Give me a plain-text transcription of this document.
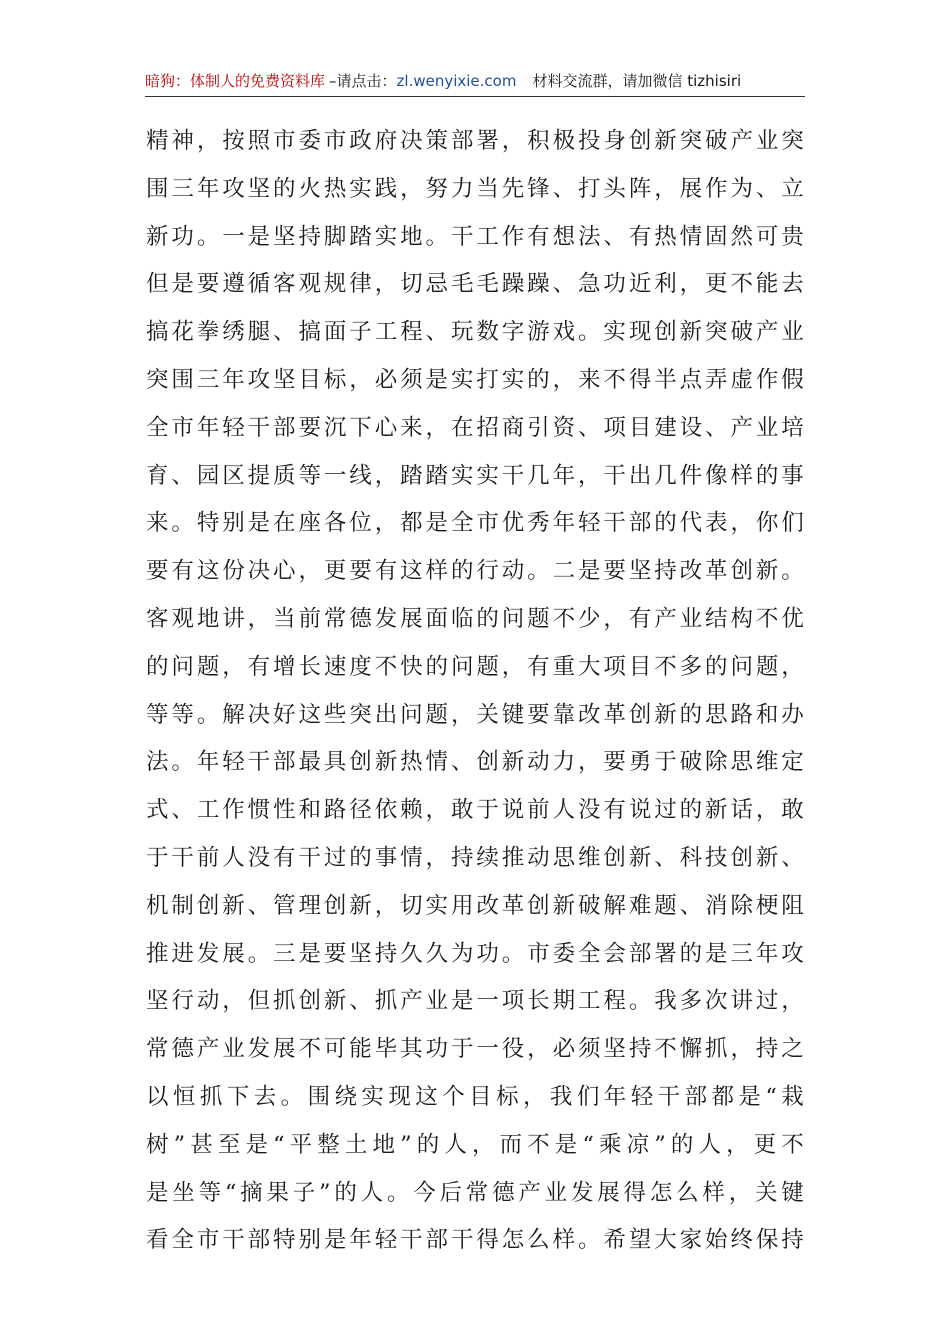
暗狗：体制人的免费资料库 –请点击：zl.wenyixie.com 材料交流群，请加微信 tizhisiri
精神，按照市委市政府决策部署，积极投身创新突破产业突
围三年攻坚的火热实践，努力当先锋、打头阵，展作为、立
新功。一是坚持脚踏实地。干工作有想法、有热情固然可贵
但是要遵循客观规律，切忌毛毛躁躁、急功近利，更不能去
搞花拳绣腿、搞面子工程、玩数字游戏。实现创新突破产业
突围三年攻坚目标，必须是实打实的，来不得半点弄虚作假
全市年轻干部要沉下心来，在招商引资、项目建设、产业培
育、园区提质等一线，踏踏实实干几年，干出几件像样的事
来。特别是在座各位，都是全市优秀年轻干部的代表，你们
要有这份决心，更要有这样的行动。二是要坚持改革创新。
客观地讲，当前常德发展面临的问题不少，有产业结构不优
的问题，有增长速度不快的问题，有重大项目不多的问题，
等等。解决好这些突出问题，关键要靠改革创新的思路和办
法。年轻干部最具创新热情、创新动力，要勇于破除思维定
式、工作惯性和路径依赖，敢于说前人没有说过的新话，敢
于干前人没有干过的事情，持续推动思维创新、科技创新、
机制创新、管理创新，切实用改革创新破解难题、消除梗阻
推进发展。三是要坚持久久为功。市委全会部署的是三年攻
坚行动，但抓创新、抓产业是一项长期工程。我多次讲过，
常德产业发展不可能毕其功于一役，必须坚持不懈抓，持之
以恒抓下去。围绕实现这个目标，我们年轻干部都是“栽
树”甚至是“平整土地”的人，而不是“乘凉”的人，更不
是坐等“摘果子”的人。今后常德产业发展得怎么样，关键
看全市干部特别是年轻干部干得怎么样。希望大家始终保持
